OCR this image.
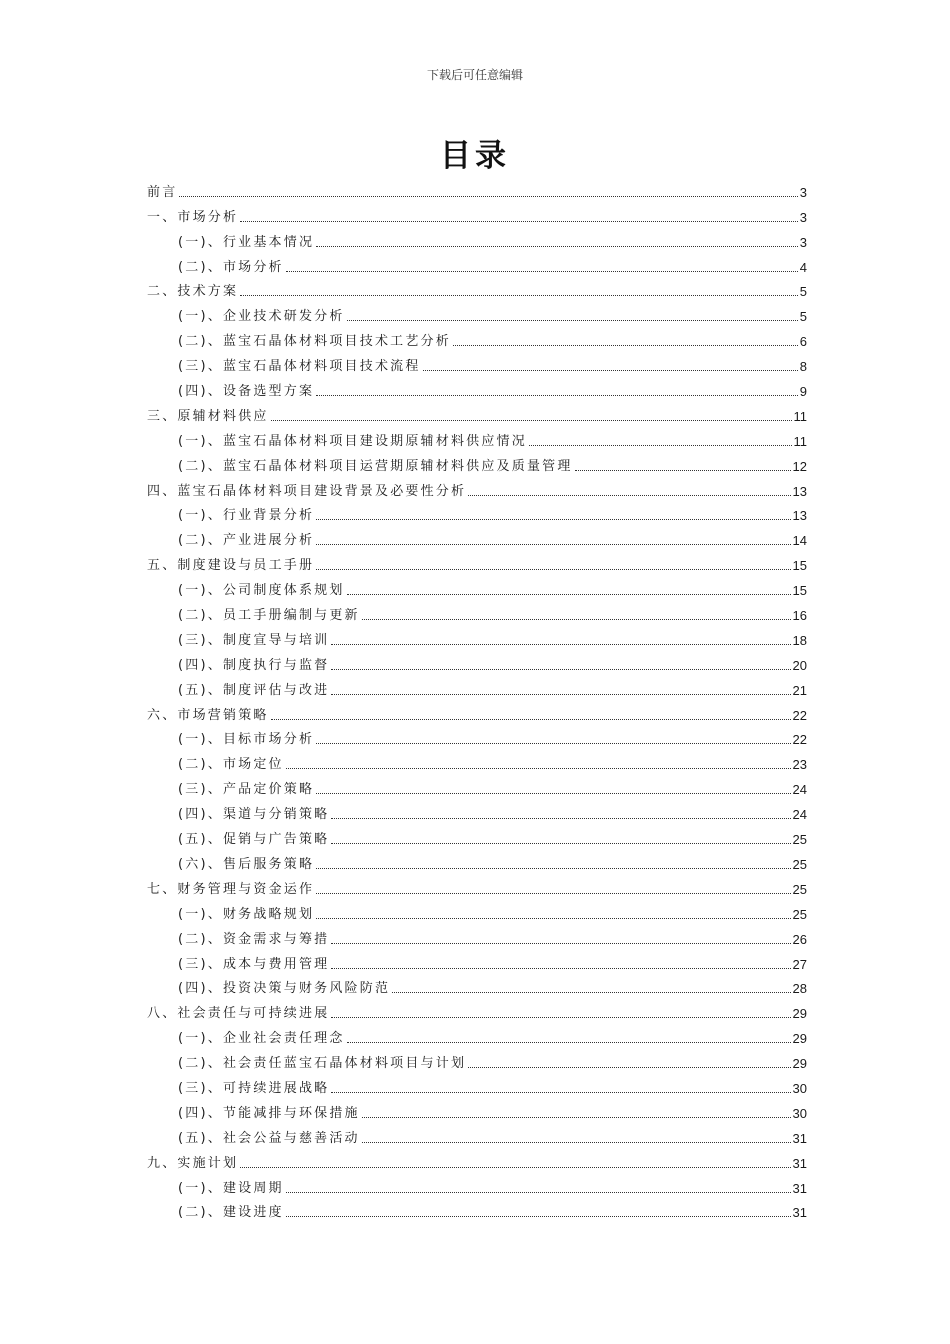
下载后可任意编辑
目录
前言	3
一、市场分析	3
(一)、行业基本情况	3
(二)、市场分析	4
二、技术方案	5
(一)、企业技术研发分析	5
(二)、蓝宝石晶体材料项目技术工艺分析	6
(三)、蓝宝石晶体材料项目技术流程	8
(四)、设备选型方案	9
三、原辅材料供应	11
(一)、蓝宝石晶体材料项目建设期原辅材料供应情况	11
(二)、蓝宝石晶体材料项目运营期原辅材料供应及质量管理	12
四、蓝宝石晶体材料项目建设背景及必要性分析	13
(一)、行业背景分析	13
(二)、产业进展分析	14
五、制度建设与员工手册	15
(一)、公司制度体系规划	15
(二)、员工手册编制与更新	16
(三)、制度宣导与培训	18
(四)、制度执行与监督	20
(五)、制度评估与改进	21
六、市场营销策略	22
(一)、目标市场分析	22
(二)、市场定位	23
(三)、产品定价策略	24
(四)、渠道与分销策略	24
(五)、促销与广告策略	25
(六)、售后服务策略	25
七、财务管理与资金运作	25
(一)、财务战略规划	25
(二)、资金需求与筹措	26
(三)、成本与费用管理	27
(四)、投资决策与财务风险防范	28
八、社会责任与可持续进展	29
(一)、企业社会责任理念	29
(二)、社会责任蓝宝石晶体材料项目与计划	29
(三)、可持续进展战略	30
(四)、节能减排与环保措施	30
(五)、社会公益与慈善活动	31
九、实施计划	31
(一)、建设周期	31
(二)、建设进度	31
